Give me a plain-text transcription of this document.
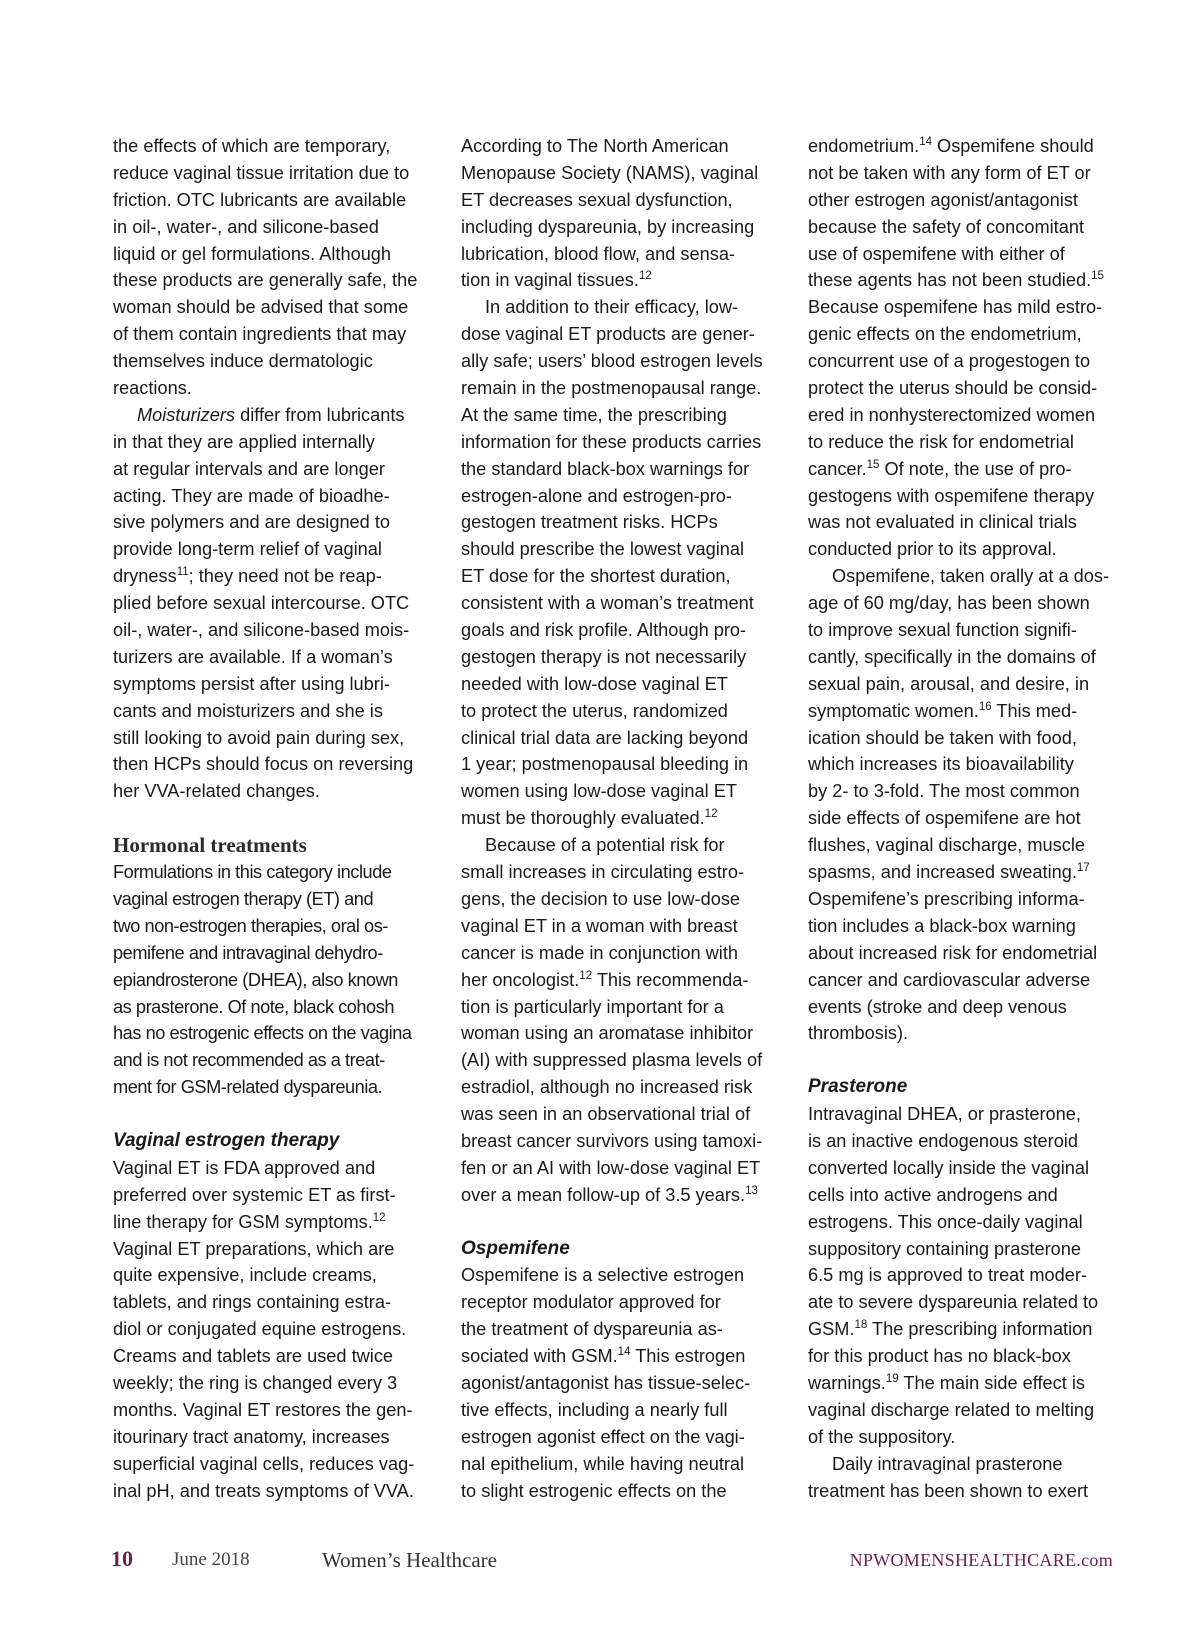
the effects of which are temporary,
reduce vaginal tissue irritation due to
friction. OTC lubricants are available
in oil-, water-, and silicone-based
liquid or gel formulations. Although
these products are generally safe, the
woman should be advised that some
of them contain ingredients that may
themselves induce dermatologic
reactions.
Moisturizers differ from lubricants
in that they are applied internally
at regular intervals and are longer
acting. They are made of bioadhe-
sive polymers and are designed to
provide long-term relief of vaginal
dryness$^{11}$; they need not be reap-
plied before sexual intercourse. OTC
oil-, water-, and silicone-based mois-
turizers are available. If a woman’s
symptoms persist after using lubri-
cants and moisturizers and she is
still looking to avoid pain during sex,
then HCPs should focus on reversing
her VVA-related changes.
Hormonal treatments
Formulations in this category include
vaginal estrogen therapy (ET) and
two non-estrogen therapies, oral os-
pemifene and intravaginal dehydro-
epiandrosterone (DHEA), also known
as prasterone. Of note, black cohosh
has no estrogenic effects on the vagina
and is not recommended as a treat-
ment for GSM-related dyspareunia.
Vaginal estrogen therapy
Vaginal ET is FDA approved and
preferred over systemic ET as first-
line therapy for GSM symptoms.$^{12}$
Vaginal ET preparations, which are
quite expensive, include creams,
tablets, and rings containing estra-
diol or conjugated equine estrogens.
Creams and tablets are used twice
weekly; the ring is changed every 3
months. Vaginal ET restores the gen-
itourinary tract anatomy, increases
superficial vaginal cells, reduces vag-
inal pH, and treats symptoms of VVA.
According to The North American
Menopause Society (NAMS), vaginal
ET decreases sexual dysfunction,
including dyspareunia, by increasing
lubrication, blood flow, and sensa-
tion in vaginal tissues.$^{12}$
In addition to their efficacy, low-
dose vaginal ET products are gener-
ally safe; users’ blood estrogen levels
remain in the postmenopausal range.
At the same time, the prescribing
information for these products carries
the standard black-box warnings for
estrogen-alone and estrogen-pro-
gestogen treatment risks. HCPs
should prescribe the lowest vaginal
ET dose for the shortest duration,
consistent with a woman’s treatment
goals and risk profile. Although pro-
gestogen therapy is not necessarily
needed with low-dose vaginal ET
to protect the uterus, randomized
clinical trial data are lacking beyond
1 year; postmenopausal bleeding in
women using low-dose vaginal ET
must be thoroughly evaluated.$^{12}$
Because of a potential risk for
small increases in circulating estro-
gens, the decision to use low-dose
vaginal ET in a woman with breast
cancer is made in conjunction with
her oncologist.$^{12}$ This recommenda-
tion is particularly important for a
woman using an aromatase inhibitor
(AI) with suppressed plasma levels of
estradiol, although no increased risk
was seen in an observational trial of
breast cancer survivors using tamoxi-
fen or an AI with low-dose vaginal ET
over a mean follow-up of 3.5 years.$^{13}$
Ospemifene
Ospemifene is a selective estrogen
receptor modulator approved for
the treatment of dyspareunia as-
sociated with GSM.$^{14}$ This estrogen
agonist/antagonist has tissue-selec-
tive effects, including a nearly full
estrogen agonist effect on the vagi-
nal epithelium, while having neutral
to slight estrogenic effects on the
endometrium.$^{14}$ Ospemifene should
not be taken with any form of ET or
other estrogen agonist/antagonist
because the safety of concomitant
use of ospemifene with either of
these agents has not been studied.$^{15}$
Because ospemifene has mild estro-
genic effects on the endometrium,
concurrent use of a progestogen to
protect the uterus should be consid-
ered in nonhysterectomized women
to reduce the risk for endometrial
cancer.$^{15}$ Of note, the use of pro-
gestogens with ospemifene therapy
was not evaluated in clinical trials
conducted prior to its approval.
Ospemifene, taken orally at a dos-
age of 60 mg/day, has been shown
to improve sexual function signifi-
cantly, specifically in the domains of
sexual pain, arousal, and desire, in
symptomatic women.$^{16}$ This med-
ication should be taken with food,
which increases its bioavailability
by 2- to 3-fold. The most common
side effects of ospemifene are hot
flushes, vaginal discharge, muscle
spasms, and increased sweating.$^{17}$
Ospemifene’s prescribing informa-
tion includes a black-box warning
about increased risk for endometrial
cancer and cardiovascular adverse
events (stroke and deep venous
thrombosis).
Prasterone
Intravaginal DHEA, or prasterone,
is an inactive endogenous steroid
converted locally inside the vaginal
cells into active androgens and
estrogens. This once-daily vaginal
suppository containing prasterone
6.5 mg is approved to treat moder-
ate to severe dyspareunia related to
GSM.$^{18}$ The prescribing information
for this product has no black-box
warnings.$^{19}$ The main side effect is
vaginal discharge related to melting
of the suppository.
Daily intravaginal prasterone
treatment has been shown to exert
10 June 2018	Women’s Healthcare	NPWOMENSHEALTHCARE.com
